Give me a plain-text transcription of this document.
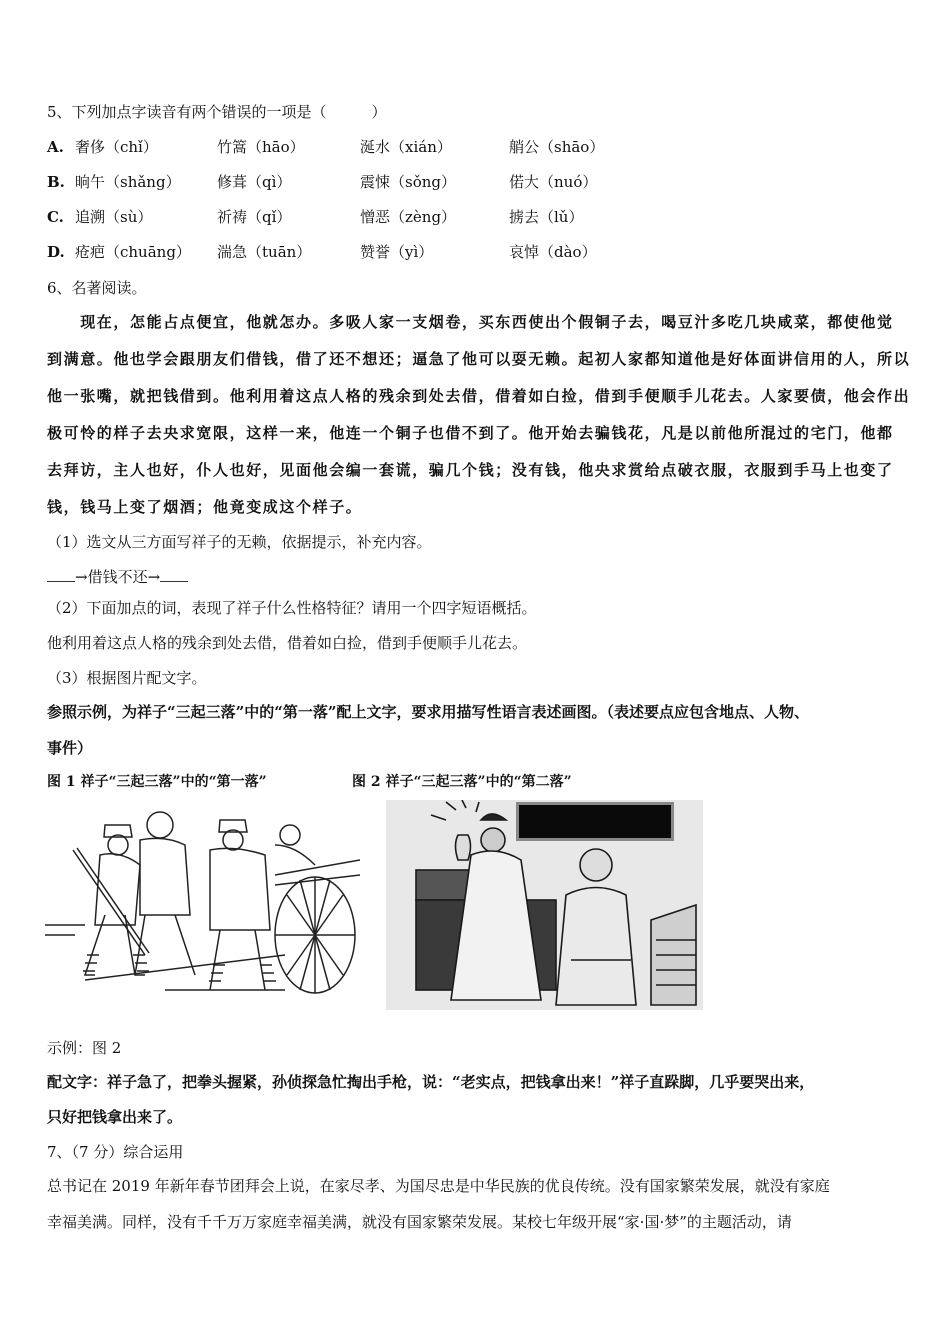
5、下列加点字读音有两个错误的一项是（　　　）
A. 奢侈（chǐ）	竹篙（hāo）	涎水（xián）	艄公（shāo）
B. 晌午（shǎng） 修葺（qì）	震悚（sǒng）	偌大（nuó）
C. 追溯（sù）	祈祷（qǐ）	憎恶（zèng）	掳去（lǔ）
D. 疮疤（chuāng） 湍急（tuān）	赞誉（yì）	哀悼（dào）
6、名著阅读。
　　现在，怎能占点便宜，他就怎办。多吸人家一支烟卷，买东西使出个假铜子去，喝豆汁多吃几块咸菜，都使他觉
到满意。他也学会跟朋友们借钱，借了还不想还；逼急了他可以耍无赖。起初人家都知道他是好体面讲信用的人，所以
他一张嘴，就把钱借到。他利用着这点人格的残余到处去借，借着如白捡，借到手便顺手儿花去。人家要债，他会作出
极可怜的样子去央求宽限，这样一来，他连一个铜子也借不到了。他开始去骗钱花，凡是以前他所混过的宅门，他都
去拜访，主人也好，仆人也好，见面他会编一套谎，骗几个钱；没有钱，他央求赏给点破衣服，衣服到手马上也变了
钱，钱马上变了烟酒；他竟变成这个样子。
（1）选文从三方面写祥子的无赖，依据提示，补充内容。
→借钱不还→
（2）下面加点的词，表现了祥子什么性格特征？请用一个四字短语概括。
他利用着这点人格的残余到处去借，借着如白捡，借到手便顺手儿花去。
（3）根据图片配文字。
参照示例，为祥子“三起三落”中的“第一落”配上文字，要求用描写性语言表述画图。（表述要点应包含地点、人物、
事件）
图 1 祥子“三起三落”中的“第一落”	图 2 祥子“三起三落”中的“第二落”
示例：图 2
配文字：祥子急了，把拳头握紧，孙侦探急忙掏出手枪，说：“老实点，把钱拿出来！”祥子直跺脚，几乎要哭出来，
只好把钱拿出来了。
7、（7 分）综合运用
总书记在 2019 年新年春节团拜会上说，在家尽孝、为国尽忠是中华民族的优良传统。没有国家繁荣发展，就没有家庭
幸福美满。同样，没有千千万万家庭幸福美满，就没有国家繁荣发展。某校七年级开展“家·国·梦”的主题活动，请
